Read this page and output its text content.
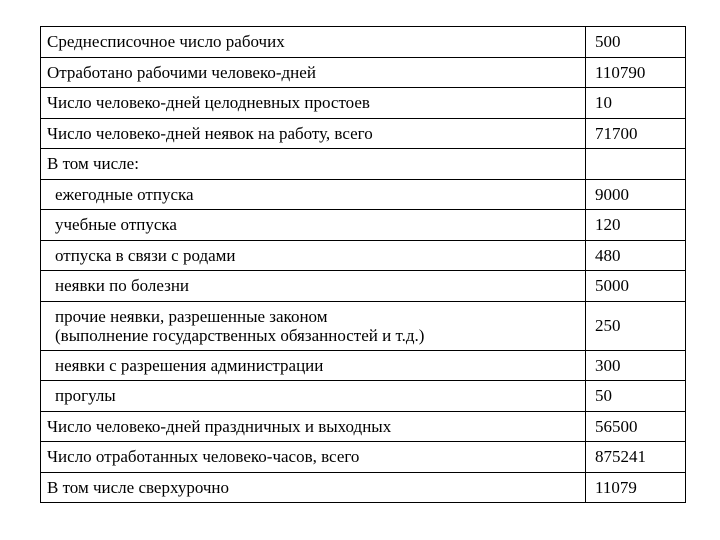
Среднесписочное число рабочих	500
Отработано рабочими человеко-дней	110790
Число человеко-дней целодневных простоев	10
Число человеко-дней неявок на работу, всего	71700
В том числе:	
ежегодные отпуска	9000
учебные отпуска	120
отпуска в связи с родами	480
неявки по болезни	5000

прочие неявки, разрешенные законом
(выполнение государственных обязанностей и т.д.)	250
неявки с разрешения администрации	300
прогулы	50
Число человеко-дней праздничных и выходных	56500
Число отработанных человеко-часов, всего	875241
В том числе сверхурочно	11079
